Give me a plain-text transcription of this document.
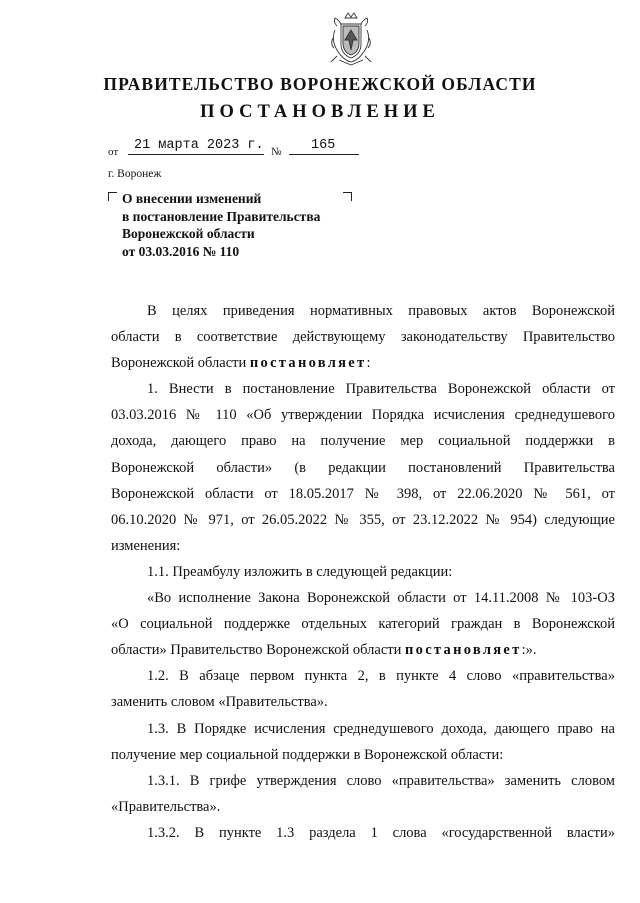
ПРАВИТЕЛЬСТВО ВОРОНЕЖСКОЙ ОБЛАСТИ
ПОСТАНОВЛЕНИЕ
от	21 марта 2023 г. №	165
г. Воронеж
О внесении изменений
в постановление Правительства
Воронежской области
от 03.03.2016 № 110
В целях приведения нормативных правовых актов Воронежской
области в соответствие действующему законодательству Правительство
Воронежской области постановляет:
1. Внести в постановление Правительства Воронежской области от
03.03.2016 № 110 «Об утверждении Порядка исчисления среднедушевого
дохода, дающего право на получение мер социальной поддержки в
Воронежской области» (в редакции постановлений Правительства
Воронежской области от 18.05.2017 № 398, от 22.06.2020 № 561, от
06.10.2020 № 971, от 26.05.2022 № 355, от 23.12.2022 № 954) следующие
изменения:
1.1. Преамбулу изложить в следующей редакции:
«Во исполнение Закона Воронежской области от 14.11.2008 № 103-ОЗ
«О социальной поддержке отдельных категорий граждан в Воронежской
области» Правительство Воронежской области постановляет:».
1.2. В абзаце первом пункта 2, в пункте 4 слово «правительства»
заменить словом «Правительства».
1.3. В Порядке исчисления среднедушевого дохода, дающего право на
получение мер социальной поддержки в Воронежской области:
1.3.1. В грифе утверждения слово «правительства» заменить словом
«Правительства».
1.3.2. В пункте 1.3 раздела 1 слова «государственной власти»
